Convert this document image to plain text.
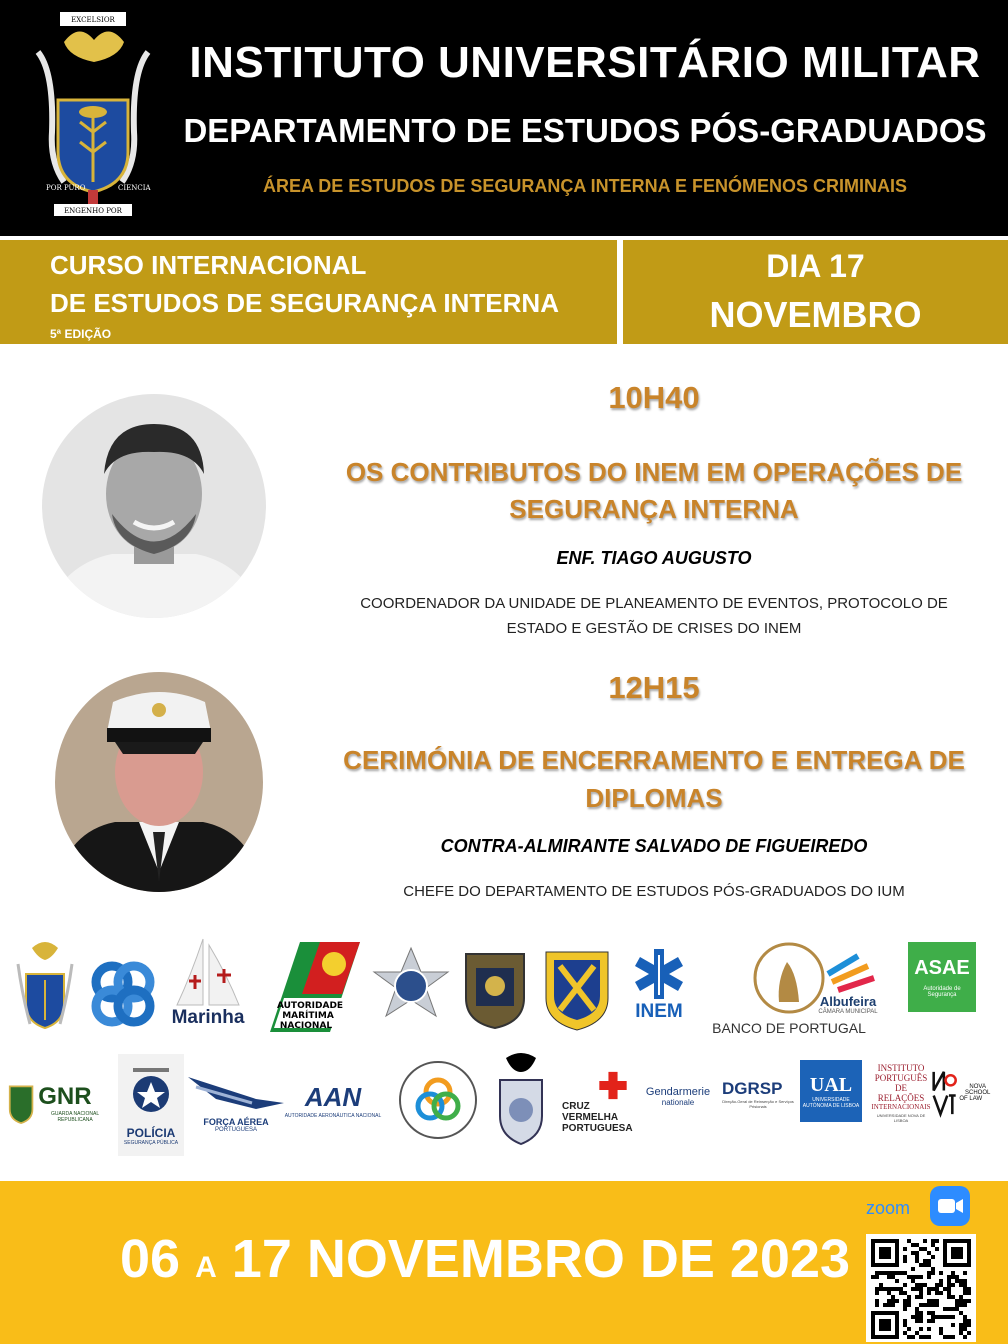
EXCELSIOR
ENGENHO POR
POR PURO	CIENCIA
INSTITUTO UNIVERSITÁRIO MILITAR
DEPARTAMENTO DE ESTUDOS PÓS-GRADUADOS
ÁREA DE ESTUDOS DE SEGURANÇA INTERNA E FENÓMENOS CRIMINAIS
CURSO INTERNACIONAL
DE ESTUDOS DE SEGURANÇA INTERNA
5ª EDIÇÃO
DIA 17
NOVEMBRO
10H40
OS CONTRIBUTOS DO INEM EM OPERAÇÕES DE
SEGURANÇA INTERNA
ENF. TIAGO AUGUSTO
COORDENADOR DA UNIDADE DE PLANEAMENTO DE EVENTOS, PROTOCOLO DE
ESTADO E GESTÃO DE CRISES DO INEM
12H15
CERIMÓNIA DE ENCERRAMENTO E ENTREGA DE
DIPLOMAS
CONTRA-ALMIRANTE SALVADO DE FIGUEIREDO
CHEFE DO DEPARTAMENTO DE ESTUDOS PÓS-GRADUADOS DO IUM
Marinha
AUTORIDADE
MARÍTIMA
NACIONAL
INEM
BANCO DE PORTUGAL
Albufeira
CÂMARA MUNICIPAL
ASAE
Autoridade de Segurança
GNR
GUARDA NACIONAL REPUBLICANA
POLÍCIA
SEGURANÇA PÚBLICA
FORÇA AÉREA
PORTUGUESA
AAN
AUTORIDADE AERONÁUTICA NACIONAL
CRUZ
VERMELHA
PORTUGUESA
Gendarmerie
nationale
DGRSP
Direção-Geral de Reinserção e Serviços Prisionais
UAL
UNIVERSIDADE AUTÓNOMA DE LISBOA
INSTITUTO
PORTUGUÊS DE
RELAÇÕES
INTERNACIONAIS
UNIVERSIDADE NOVA DE LISBOA
NOVA SCHOOL
OF LAW
06 A 17 NOVEMBRO DE 2023
zoom
